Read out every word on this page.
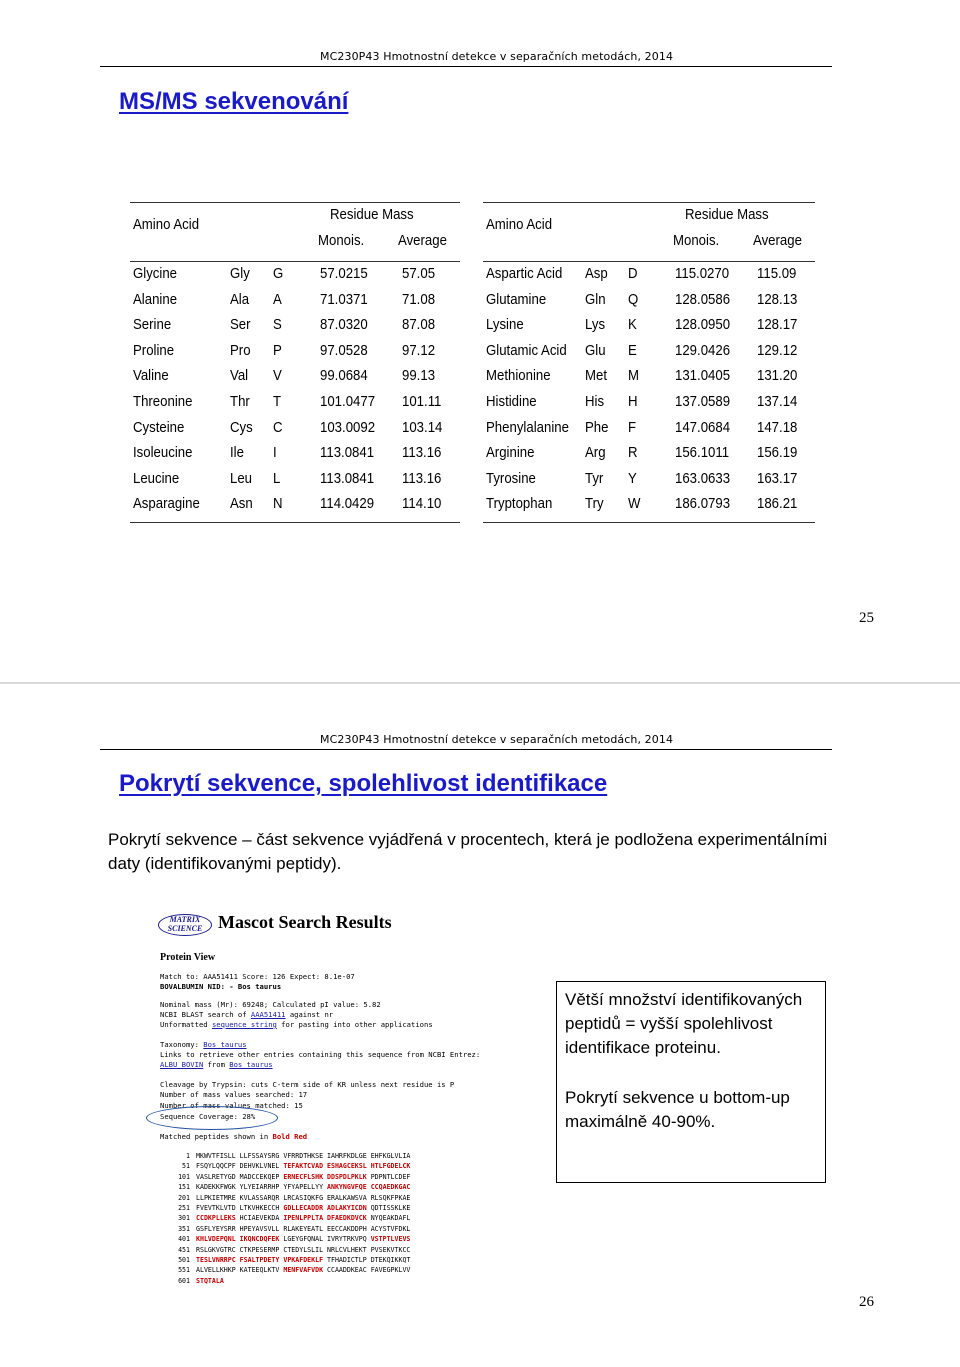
MC230P43 Hmotnostní detekce v separačních metodách, 2014
MS/MS sekvenování
Amino Acid
Residue Mass
Monois. Average
Glycine	Gly G 57.0215 57.05
Alanine	Ala A	71.0371 71.08
Serine	Ser S	87.0320 87.08
Proline	Pro P	97.0528 97.12
Valine	Val V	99.0684 99.13
Threonine	Thr T	101.0477 101.11
Cysteine	Cys C 103.0092 103.14
Isoleucine	Ile I	113.0841 113.16
Leucine	Leu L	113.0841 113.16
Asparagine Asn N 114.0429 114.10
Amino Acid
Residue Mass
Monois. Average
Aspartic Acid Asp D 115.0270 115.09
Glutamine	Gln Q 128.0586 128.13
Lysine	Lys K	128.0950 128.17
Glutamic Acid Glu E	129.0426 129.12
Methionine Met M 131.0405 131.20
Histidine	His H 137.0589 137.14
Phenylalanine Phe F	147.0684 147.18
Arginine	Arg R 156.1011 156.19
Tyrosine	Tyr Y	163.0633 163.17
Tryptophan Try W 186.0793 186.21
25
MC230P43 Hmotnostní detekce v separačních metodách, 2014
Pokrytí sekvence, spolehlivost identifikace
Pokrytí sekvence – část sekvence vyjádřená v procentech, která je podložena experimentálními daty (identifikovanými peptidy).
MATRIX
SCIENCE Mascot Search Results
Protein View
Match to: AAA51411 Score: 126 Expect: 8.1e-07
BOVALBUMIN NID: - Bos taurus
Nominal mass (Mr): 69248; Calculated pI value: 5.82
NCBI BLAST search of AAA51411 against nr
Unformatted sequence string for pasting into other applications
Taxonomy: Bos taurus
Links to retrieve other entries containing this sequence from NCBI Entrez:
ALBU_BOVIN from Bos taurus
Cleavage by Trypsin: cuts C-term side of KR unless next residue is P
Number of mass values searched: 17
Number of mass values matched: 15
Sequence Coverage: 28%
Matched peptides shown in Bold Red
1 MKWVTFISLL LLFSSAYSRG VFRRDTHKSE IAHRFKDLGE EHFKGLVLIA
51 FSQYLQQCPF DEHVKLVNEL TEFAKTCVAD ESHAGCEKSL HTLFGDELCK
101 VASLRETYGD MADCCEKQEP ERNECFLSHK DDSPDLPKLK PDPNTLCDEF
151 KADEKKFWGK YLYEIARRHP YFYAPELLYY ANKYNGVFQE CCQAEDKGAC
201 LLPKIETMRE KVLASSARQR LRCASIQKFG ERALKAWSVA RLSQKFPKAE
251 FVEVTKLVTD LTKVHKECCH GDLLECADDR ADLAKYICDN QDTISSKLKE
301 CCDKPLLEKS HCIAEVEKDA IPENLPPLTA DFAEDKDVCK NYQEAKDAFL
351 GSFLYEYSRR HPEYAVSVLL RLAKEYEATL EECCAKDDPH ACYSTVFDKL
401 KHLVDEPQNL IKQNCDQFEK LGEYGFQNAL IVRYTRKVPQ VSTPTLVEVS
451 RSLGKVGTRC CTKPESERMP CTEDYLSLIL NRLCVLHEKT PVSEKVTKCC
501 TESLVNRRPC FSALTPDETY VPKAFDEKLF TFHADICTLP DTEKQIKKQT
551 ALVELLKHKP KATEEQLKTV MENFVAFVDK CCAADDKEAC FAVEGPKLVV
601 STQTALA

Větší množství identifikovaných peptidů = vyšší spolehlivost identifikace proteinu.

Pokrytí sekvence u bottom-up maximálně 40-90%.

26
